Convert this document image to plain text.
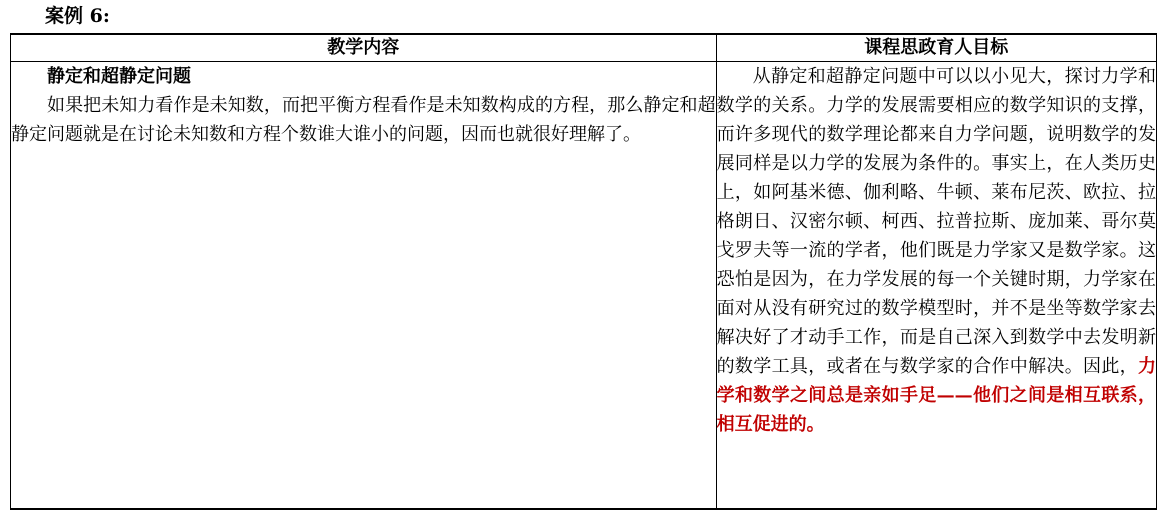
案例 6:
教学内容	课程思政育人目标

静定和超静定问题
如果把未知力看作是未知数，而把平衡方程看作是未知数构成的方程，那么静定和超静定问题就是在讨论未知数和方程个数谁大谁小的问题，因而也就很好理解了。	从静定和超静定问题中可以以小见大，探讨力学和数学的关系。力学的发展需要相应的数学知识的支撑，而许多现代的数学理论都来自力学问题，说明数学的发展同样是以力学的发展为条件的。事实上，在人类历史上，如阿基米德、伽利略、牛顿、莱布尼茨、欧拉、拉格朗日、汉密尔顿、柯西、拉普拉斯、庞加莱、哥尔莫戈罗夫等一流的学者，他们既是力学家又是数学家。这恐怕是因为，在力学发展的每一个关键时期，力学家在面对从没有研究过的数学模型时，并不是坐等数学家去解决好了才动手工作，而是自己深入到数学中去发明新的数学工具，或者在与数学家的合作中解决。因此，力学和数学之间总是亲如手足——他们之间是相互联系，相互促进的。
